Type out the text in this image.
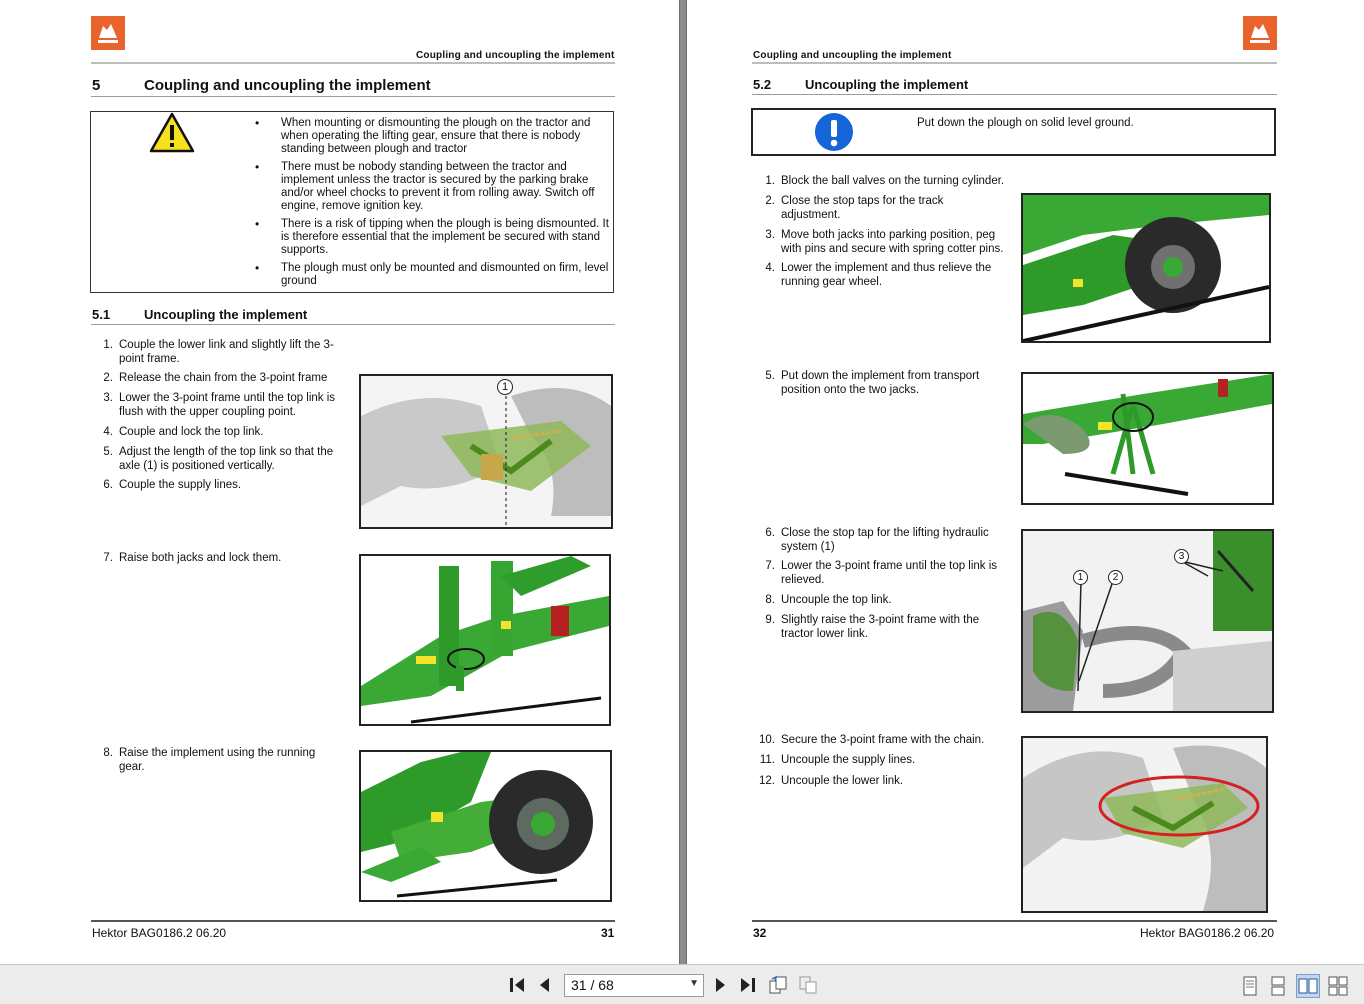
Coupling and uncoupling the implement
5	Coupling and uncoupling the implement
• When mounting or dismounting the plough on the tractor and when operating the lifting gear, ensure that there is nobody standing between plough and tractor
• There must be nobody standing between the tractor and implement unless the tractor is secured by the parking brake and/or wheel chocks to prevent it from rolling away. Switch off engine, remove ignition key.
• There is a risk of tipping when the plough is being dismounted. It is therefore essential that the implement be secured with stand supports.
• The plough must only be mounted and dismounted on firm, level ground
5.1	Uncoupling the implement
1. Couple the lower link and slightly lift the 3-point frame.
2. Release the chain from the 3-point frame
3. Lower the 3-point frame until the top link is flush with the upper coupling point.
4. Couple and lock the top link.
5. Adjust the length of the top link so that the axle (1) is positioned vertically.
6. Couple the supply lines.
1
7. Raise both jacks and lock them.
8. Raise the implement using the running gear.
Hektor BAG0186.2 06.20	31
Coupling and uncoupling the implement
5.2	Uncoupling the implement
Put down the plough on solid level ground.
1. Block the ball valves on the turning cylinder.
2. Close the stop taps for the track adjustment.
3. Move both jacks into parking position, peg with pins and secure with spring cotter pins.
4. Lower the implement and thus relieve the running gear wheel.
5. Put down the implement from transport position onto the two jacks.
6. Close the stop tap for the lifting hydraulic system (1)
7. Lower the 3-point frame until the top link is relieved.
8. Uncouple the top link.
9. Slightly raise the 3-point frame with the tractor lower link.
1	2
3
10. Secure the 3-point frame with the chain.
11. Uncouple the supply lines.
12. Uncouple the lower link.
32	Hektor BAG0186.2 06.20
31 / 68	▼
